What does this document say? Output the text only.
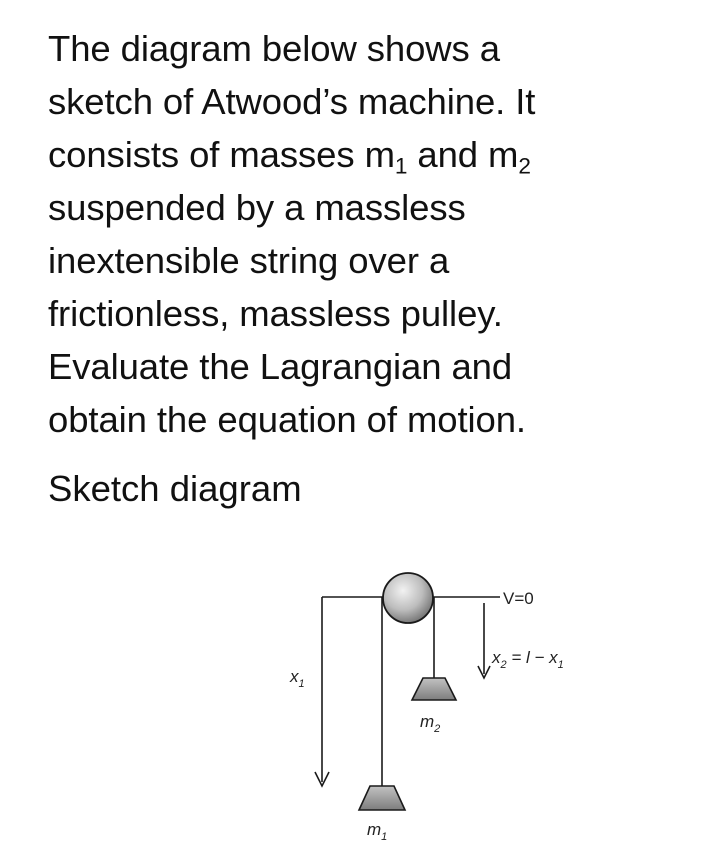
The diagram below shows a
sketch of Atwood’s machine. It
consists of masses $m_1$ and $m_2$
suspended by a massless
inextensible string over a
frictionless, massless pulley.
Evaluate the Lagrangian and
obtain the equation of motion.
Sketch diagram
V=0
$x_2 = l - x_1$
$x_1$
$m_2$
$m_1$
